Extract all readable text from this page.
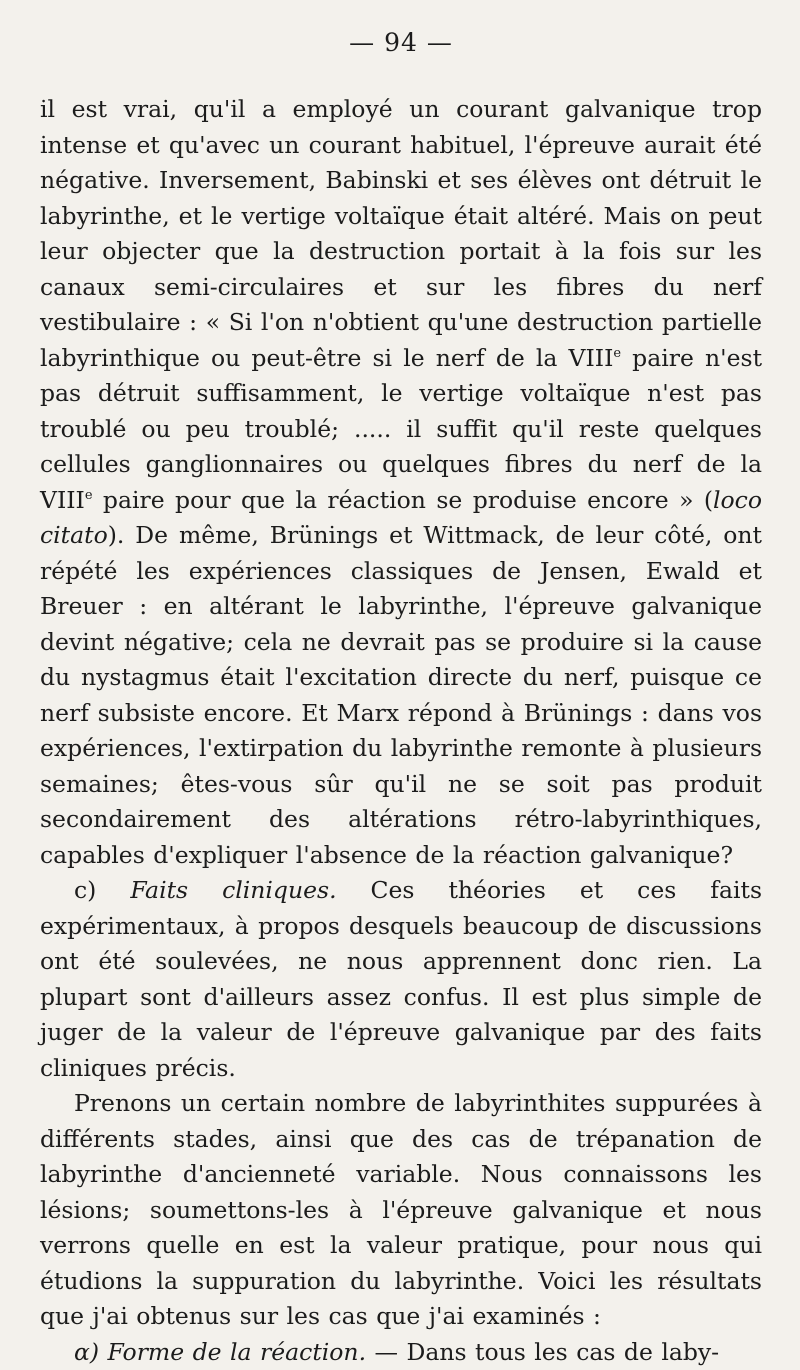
— 94 —

il est vrai, qu'il a employé un courant galvanique trop intense et qu'avec un courant habituel, l'épreuve aurait été négative. Inversement, Babinski et ses élèves ont détruit le labyrinthe, et le vertige voltaïque était altéré. Mais on peut leur objecter que la destruction portait à la fois sur les canaux semi-circulaires et sur les fibres du nerf vestibulaire : « Si l'on n'obtient qu'une destruction partielle labyrinthique ou peut-être si le nerf de la VIIIe paire n'est pas détruit suffisamment, le vertige voltaïque n'est pas troublé ou peu troublé; ..... il suffit qu'il reste quelques cellules ganglionnaires ou quelques fibres du nerf de la VIIIe paire pour que la réaction se produise encore » (loco citato). De même, Brünings et Wittmack, de leur côté, ont répété les expériences classiques de Jensen, Ewald et Breuer : en altérant le labyrinthe, l'épreuve galvanique devint négative; cela ne devrait pas se produire si la cause du nystagmus était l'excitation directe du nerf, puisque ce nerf subsiste encore. Et Marx répond à Brünings : dans vos expériences, l'extirpation du labyrinthe remonte à plusieurs semaines; êtes-vous sûr qu'il ne se soit pas produit secondairement des altérations rétro-labyrinthiques, capables d'expliquer l'absence de la réaction galvanique?

c) Faits cliniques. Ces théories et ces faits expérimentaux, à propos desquels beaucoup de discussions ont été soulevées, ne nous apprennent donc rien. La plupart sont d'ailleurs assez confus. Il est plus simple de juger de la valeur de l'épreuve galvanique par des faits cliniques précis.

Prenons un certain nombre de labyrinthites suppurées à différents stades, ainsi que des cas de trépanation de labyrinthe d'ancienneté variable. Nous connaissons les lésions; soumettons-les à l'épreuve galvanique et nous verrons quelle en est la valeur pratique, pour nous qui étudions la suppuration du labyrinthe. Voici les résultats que j'ai obtenus sur les cas que j'ai examinés :

α) Forme de la réaction. — Dans tous les cas de laby-
